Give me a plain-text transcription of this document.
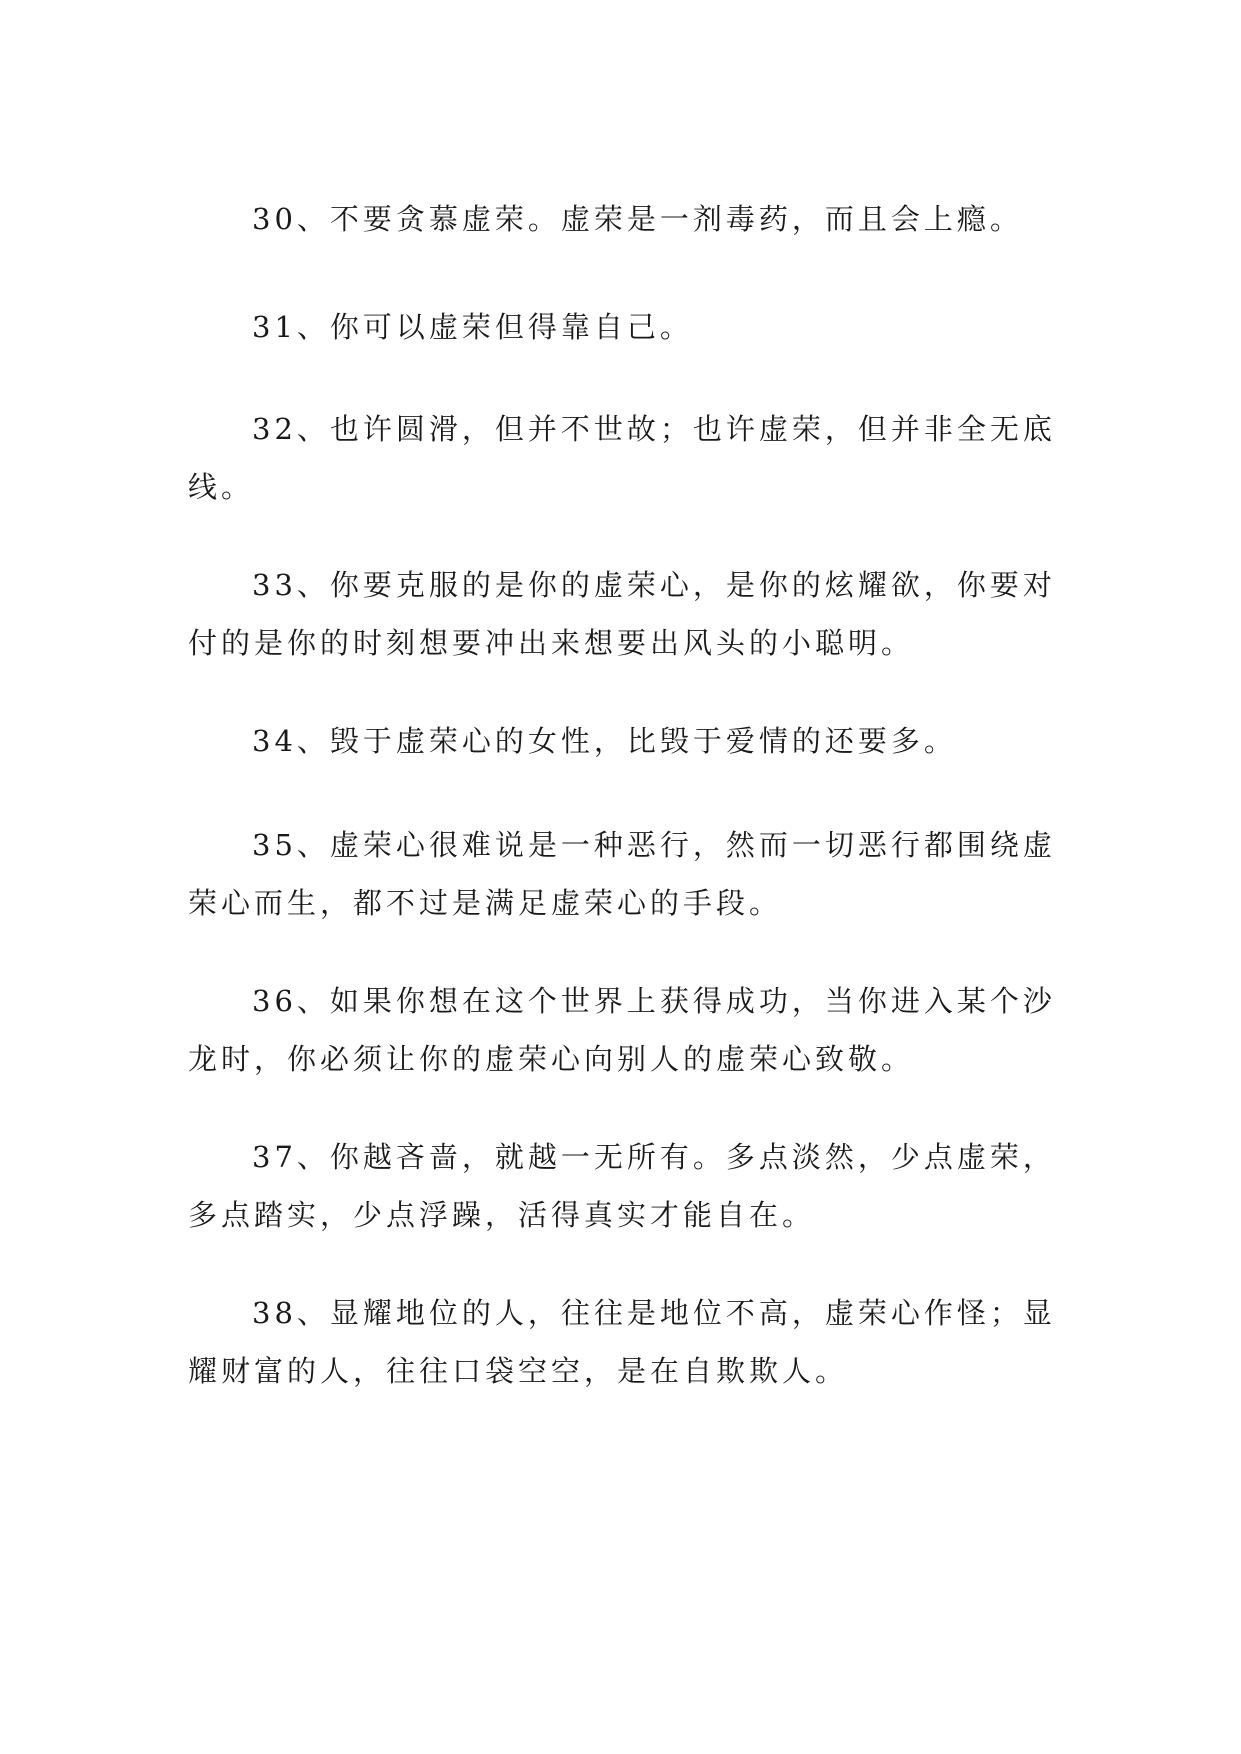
30、不要贪慕虚荣。虚荣是一剂毒药，而且会上瘾。
31、你可以虚荣但得靠自己。
32、也许圆滑，但并不世故；也许虚荣，但并非全无底
线。
33、你要克服的是你的虚荣心，是你的炫耀欲，你要对
付的是你的时刻想要冲出来想要出风头的小聪明。
34、毁于虚荣心的女性，比毁于爱情的还要多。
35、虚荣心很难说是一种恶行，然而一切恶行都围绕虚
荣心而生，都不过是满足虚荣心的手段。
36、如果你想在这个世界上获得成功，当你进入某个沙
龙时，你必须让你的虚荣心向别人的虚荣心致敬。
37、你越吝啬，就越一无所有。多点淡然，少点虚荣，
多点踏实，少点浮躁，活得真实才能自在。
38、显耀地位的人，往往是地位不高，虚荣心作怪；显
耀财富的人，往往口袋空空，是在自欺欺人。
